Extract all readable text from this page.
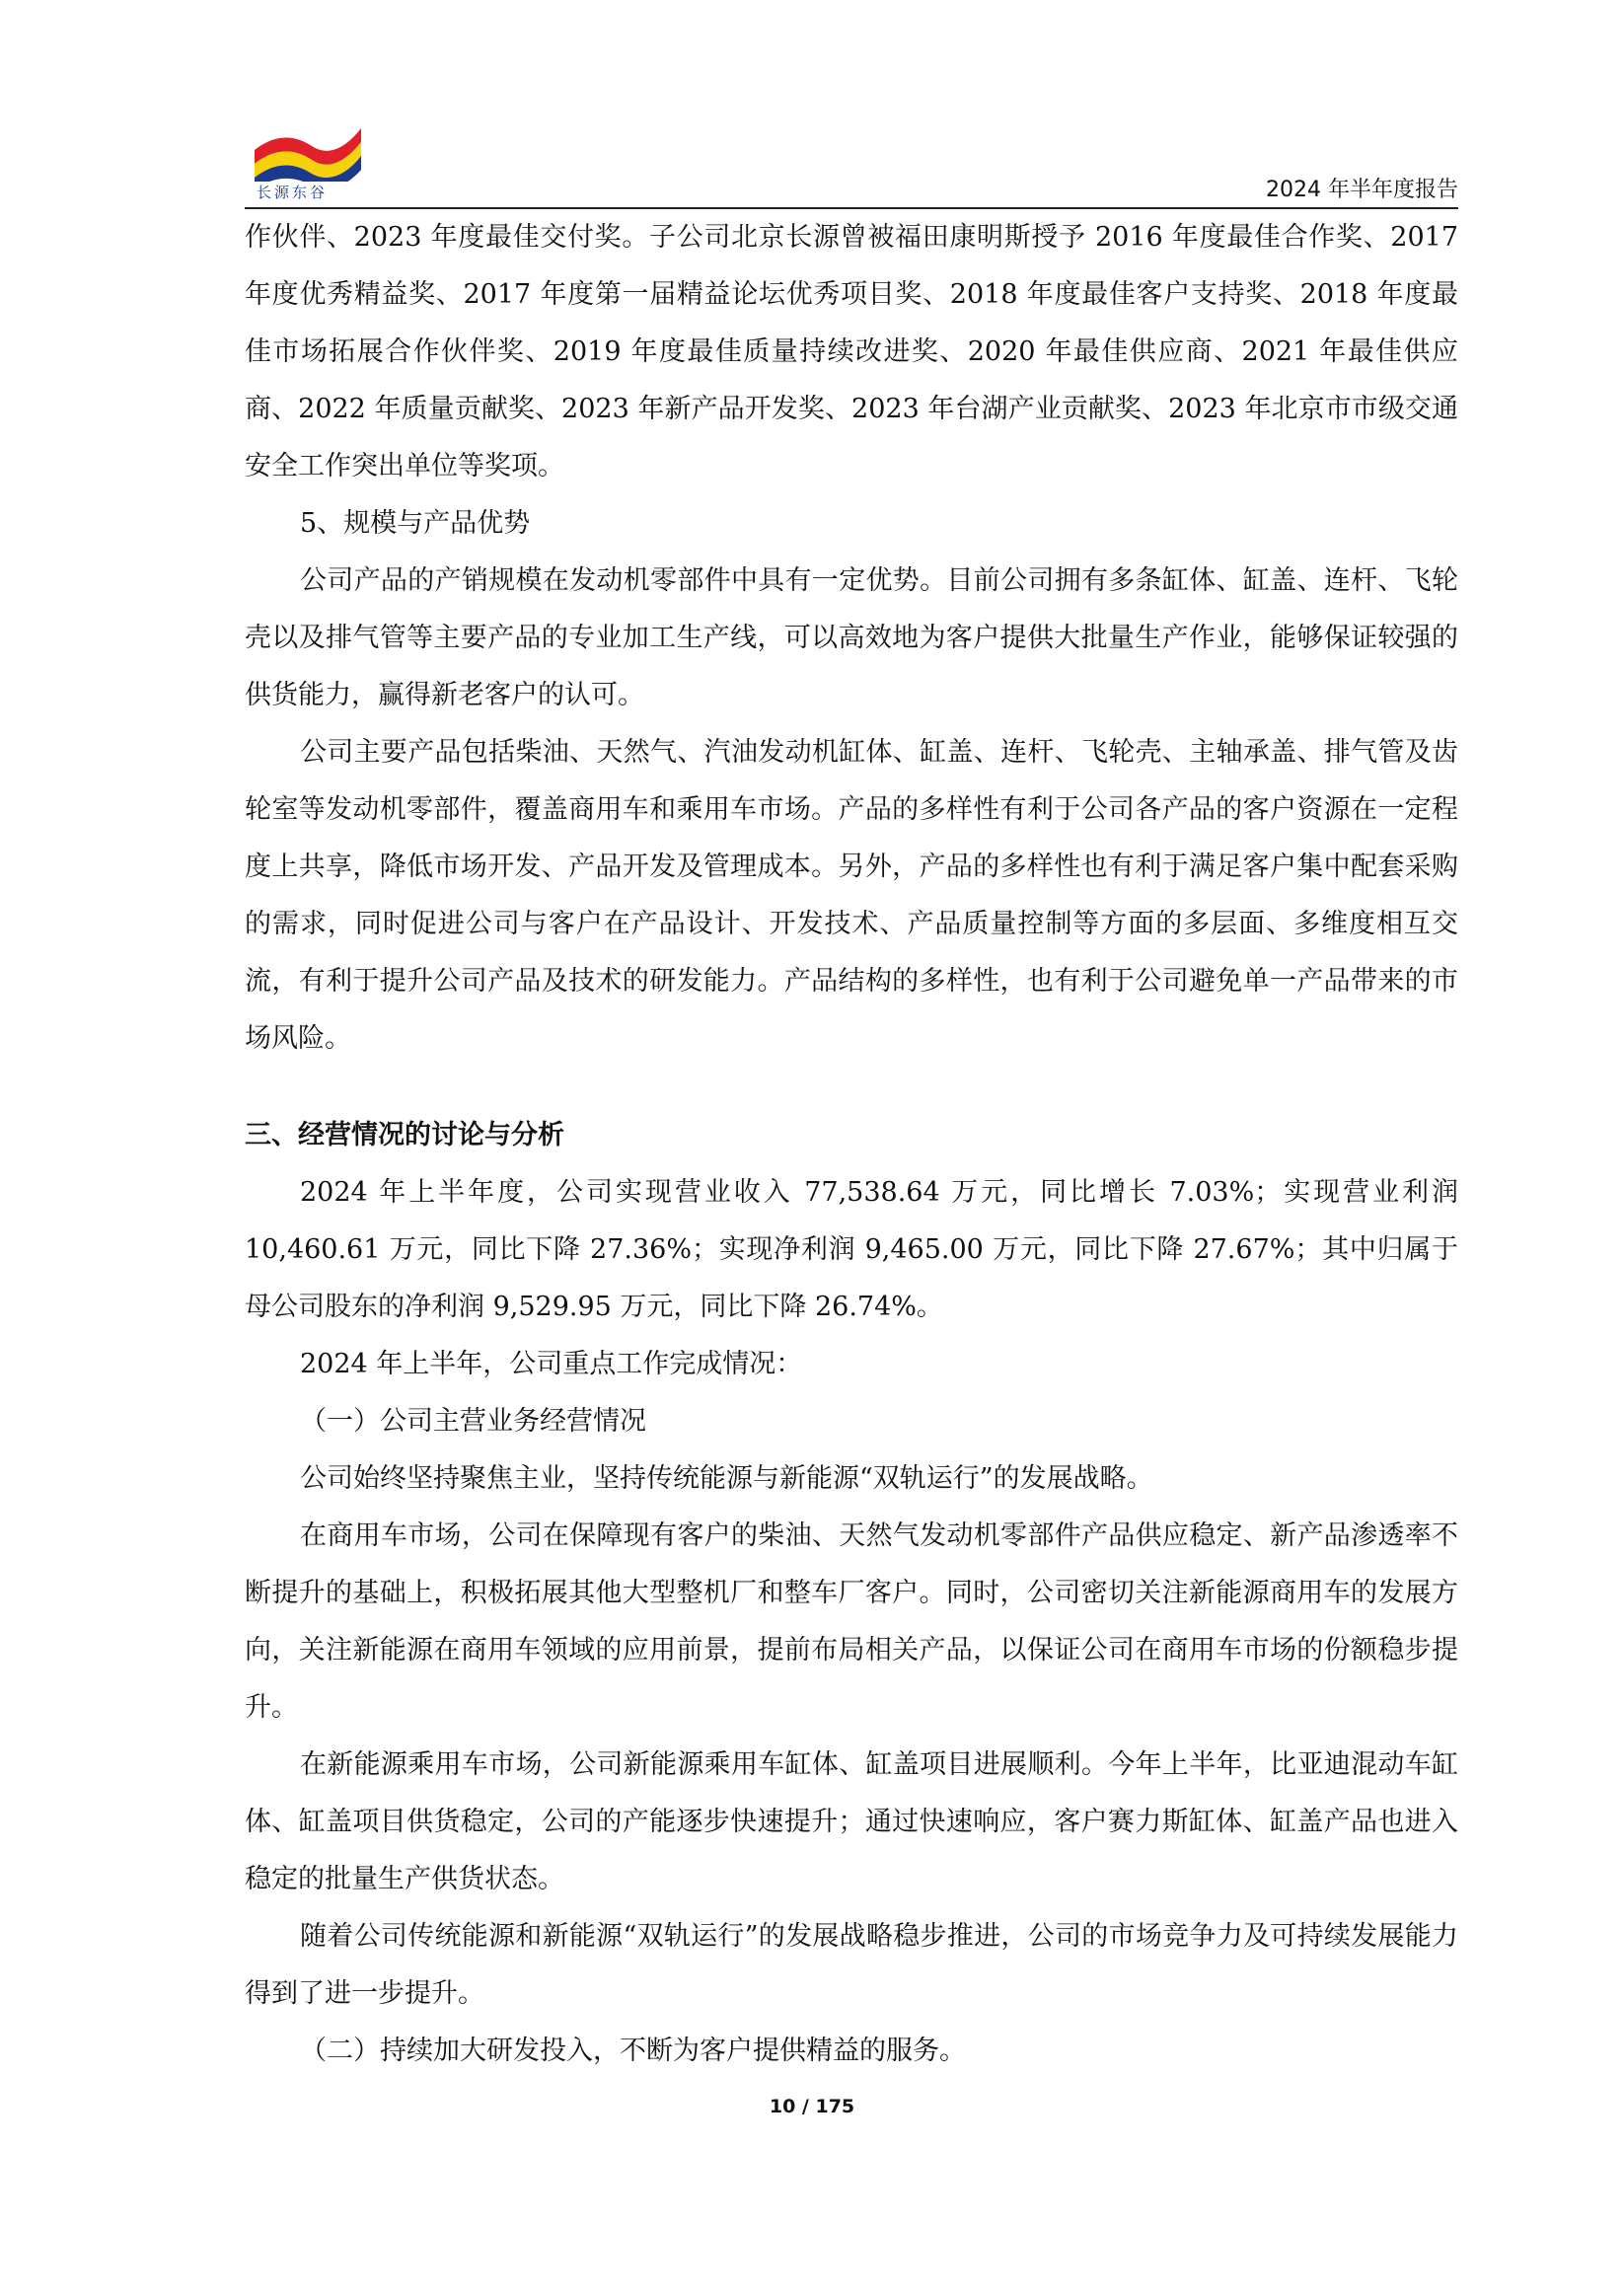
长源东谷	2024 年半年度报告

作伙伴、2023 年度最佳交付奖。子公司北京长源曾被福田康明斯授予 2016 年度最佳合作奖、2017 年度优秀精益奖、2017 年度第一届精益论坛优秀项目奖、2018 年度最佳客户支持奖、2018 年度最佳市场拓展合作伙伴奖、2019 年度最佳质量持续改进奖、2020 年最佳供应商、2021 年最佳供应商、2022 年质量贡献奖、2023 年新产品开发奖、2023 年台湖产业贡献奖、2023 年北京市市级交通安全工作突出单位等奖项。

5、规模与产品优势

公司产品的产销规模在发动机零部件中具有一定优势。目前公司拥有多条缸体、缸盖、连杆、飞轮壳以及排气管等主要产品的专业加工生产线，可以高效地为客户提供大批量生产作业，能够保证较强的供货能力，赢得新老客户的认可。

公司主要产品包括柴油、天然气、汽油发动机缸体、缸盖、连杆、飞轮壳、主轴承盖、排气管及齿轮室等发动机零部件，覆盖商用车和乘用车市场。产品的多样性有利于公司各产品的客户资源在一定程度上共享，降低市场开发、产品开发及管理成本。另外，产品的多样性也有利于满足客户集中配套采购的需求，同时促进公司与客户在产品设计、开发技术、产品质量控制等方面的多层面、多维度相互交流，有利于提升公司产品及技术的研发能力。产品结构的多样性，也有利于公司避免单一产品带来的市场风险。

三、经营情况的讨论与分析

2024 年上半年度，公司实现营业收入 77,538.64 万元，同比增长 7.03%；实现营业利润 10,460.61 万元，同比下降 27.36%；实现净利润 9,465.00 万元，同比下降 27.67%；其中归属于母公司股东的净利润 9,529.95 万元，同比下降 26.74%。

2024 年上半年，公司重点工作完成情况：

（一）公司主营业务经营情况

公司始终坚持聚焦主业，坚持传统能源与新能源“双轨运行”的发展战略。

在商用车市场，公司在保障现有客户的柴油、天然气发动机零部件产品供应稳定、新产品渗透率不断提升的基础上，积极拓展其他大型整机厂和整车厂客户。同时，公司密切关注新能源商用车的发展方向，关注新能源在商用车领域的应用前景，提前布局相关产品，以保证公司在商用车市场的份额稳步提升。

在新能源乘用车市场，公司新能源乘用车缸体、缸盖项目进展顺利。今年上半年，比亚迪混动车缸体、缸盖项目供货稳定，公司的产能逐步快速提升；通过快速响应，客户赛力斯缸体、缸盖产品也进入稳定的批量生产供货状态。

随着公司传统能源和新能源“双轨运行”的发展战略稳步推进，公司的市场竞争力及可持续发展能力得到了进一步提升。

（二）持续加大研发投入，不断为客户提供精益的服务。

10 / 175
